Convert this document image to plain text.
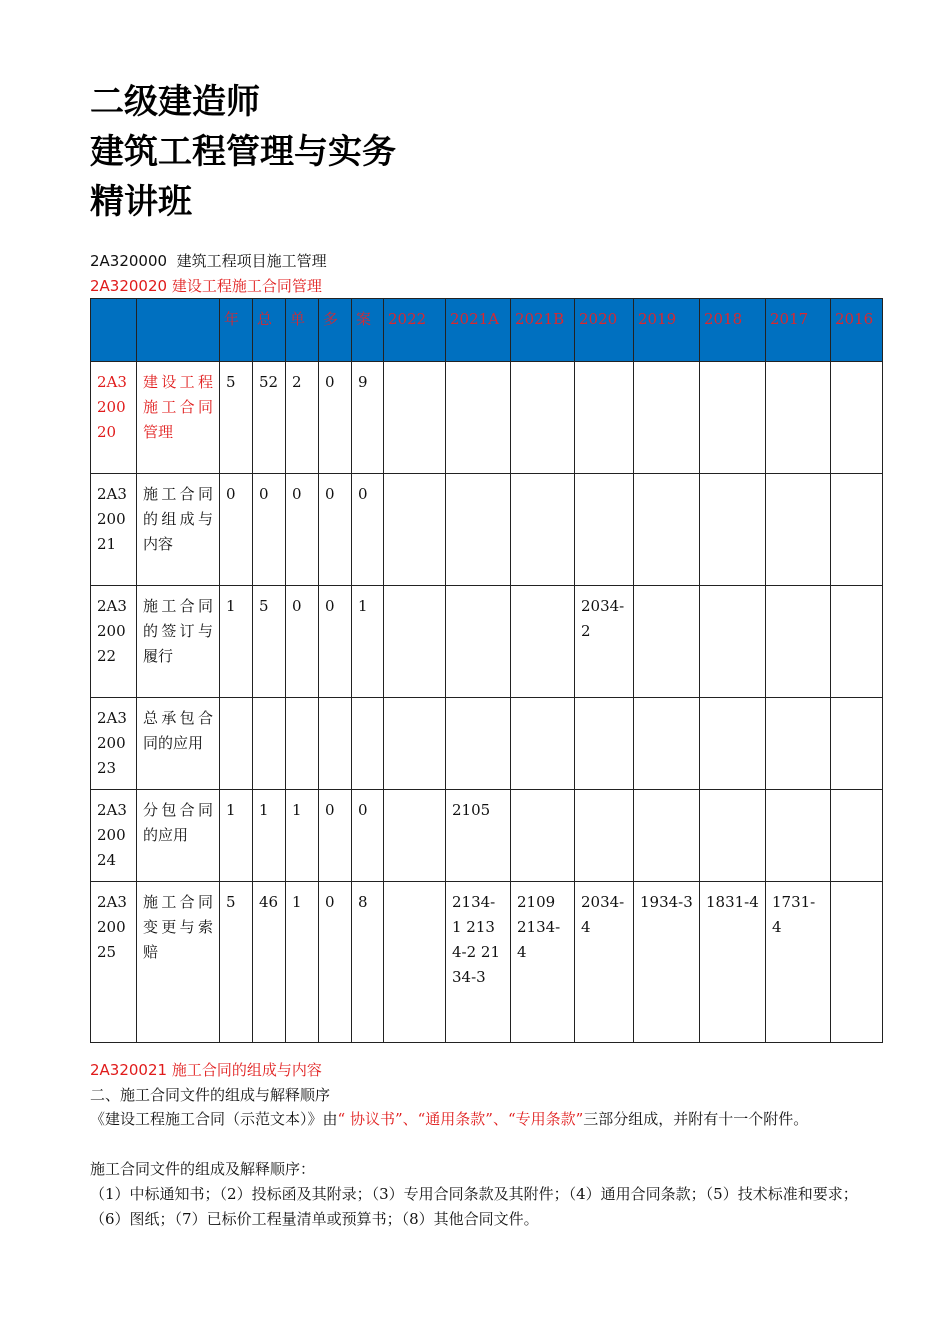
二级建造师
建筑工程管理与实务
精讲班
2A320000 建筑工程项目施工管理
2A320020 建设工程施工合同管理
		年	总	单	多	案	2022	2021A	2021B	2020	2019	2018	2017	2016
2A320020	建设工程施工合同管理	5	52	2	0	9								
2A320021	施工合同的组成与内容	0	0	0	0	0								
2A320022	施工合同的签订与履行	1	5	0	0	1				2034-2				
2A320023	总承包合同的应用													
2A320024	分包合同的应用	1	1	1	0	0		2105						
2A320025	施工合同变更与索赔	5	46	1	0	8		2134-1 2134-2 2134-3	2109 2134-4	2034-4	1934-3	1831-4	1731-4	
2A320021 施工合同的组成与内容
二、施工合同文件的组成与解释顺序
《建设工程施工合同（示范文本）》由“ 协议书”、“通用条款”、“专用条款”三部分组成，并附有十一个附件。
施工合同文件的组成及解释顺序：
（1）中标通知书；（2）投标函及其附录；（3）专用合同条款及其附件；（4）通用合同条款；（5）技术标准和要求；（6）图纸；（7）已标价工程量清单或预算书；（8）其他合同文件。
